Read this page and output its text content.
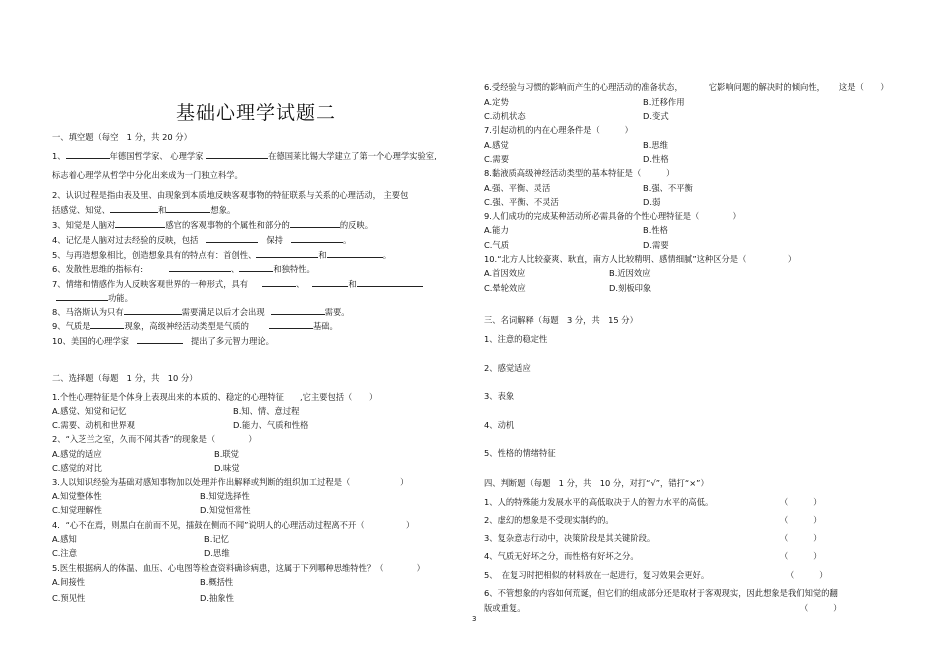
基础心理学试题二
一、填空题（每空　1 分，共 20 分）
1、	年德国哲学家、 心理学家	在德国莱比锡大学建立了第一个心理学实验室,
标志着心理学从哲学中分化出来成为一门独立科学。
2、认识过程是指由表及里、由现象到本质地反映客观事物的特征联系与关系的心理活动， 主要包
括感觉、知觉、	和	想象。
3、知觉是人脑对	感官的客观事物的个属性和部分的	的反映。
4、记忆是人脑对过去经验的反映，包括	保持	。
5、与再造想象相比，创造想象具有的特点有：首创性、	和	。
6、发散性思维的指标有:	、	和独特性。
7、情绪和情感作为人反映客观世界的一种形式，具有	、	和
功能。
8、马洛斯认为只有	需要满足以后才会出现	需要。
9、气质是	现象，高级神经活动类型是气质的	基础。
10、美国的心理学家	提出了多元智力理论。
二、选择题（每题　1 分，共　10 分）
1.个性心理特征是个体身上表现出来的本质的、稳定的心理特征 ,它主要包括（　　）
A.感觉、知觉和记忆	B.知、情、意过程
C.需要、动机和世界观	D.能力、气质和性格
2、“入芝兰之室，久而不闻其香”的现象是（　　　　）
A.感觉的适应	B.联觉
C.感觉的对比	D.味觉
3.人以知识经验为基础对感知事物加以处理并作出解释或判断的组织加工过程是（　　　　　　）
A.知觉整体性	B.知觉选择性
C.知觉理解性	D.知觉恒常性
4．“心不在焉，则黑白在前而不见，擂鼓在侧而不闻”说明人的心理活动过程离不开（　　　　　）
A.感知	B.记忆
C.注意	D.思维
5.医生根据病人的体温、血压、心电图等检查资料确诊病患，这属于下列哪种思维特性？（　　　　）
A.间接性	B.概括性
C.预见性	D.抽象性
6.受经验与习惯的影响而产生的心理活动的准备状态，	它影响问题的解决时的倾向性， 这是（　　）
A.定势	B.迁移作用
C.动机状态	D.变式
7.引起动机的内在心理条件是（　　　）
A.感觉	B.思维
C.需要	D.性格
8.黏液质高级神经活动类型的基本特征是（　　　）
A.强、平衡、灵活	B.强、不平衡
C.强、平衡、不灵活	D.弱
9.人们成功的完成某种活动所必需具备的个性心理特征是（　　　　）
A.能力	B.性格
C.气质	D.需要
10.“北方人比较豪爽、耿直，南方人比较精明、感情细腻”这种区分是（　　　　　）
A.首因效应	B.近因效应
C.晕轮效应	D.刻板印象
三、名词解释（每题　3 分，共　15 分）
1、注意的稳定性
2、感觉适应
3、表象
4、动机
5、性格的情绪特征
四、判断题（每题　1 分，共　10 分，对打“√”，错打“×”）
1、人的特殊能力发展水平的高低取决于人的智力水平的高低。	（　　　）
2、虚幻的想象是不受现实制约的。	（　　　）
3、复杂意志行动中，决策阶段是其关键阶段。	（　　　）
4、气质无好坏之分，而性格有好坏之分。	（　　　）
5、　在复习时把相似的材料放在一起进行，复习效果会更好。	（　　　）
6、不管想象的内容如何荒诞，但它们的组成部分还是取材于客观现实，因此想象是我们知觉的翻
版或重复。	（　　　）
3
